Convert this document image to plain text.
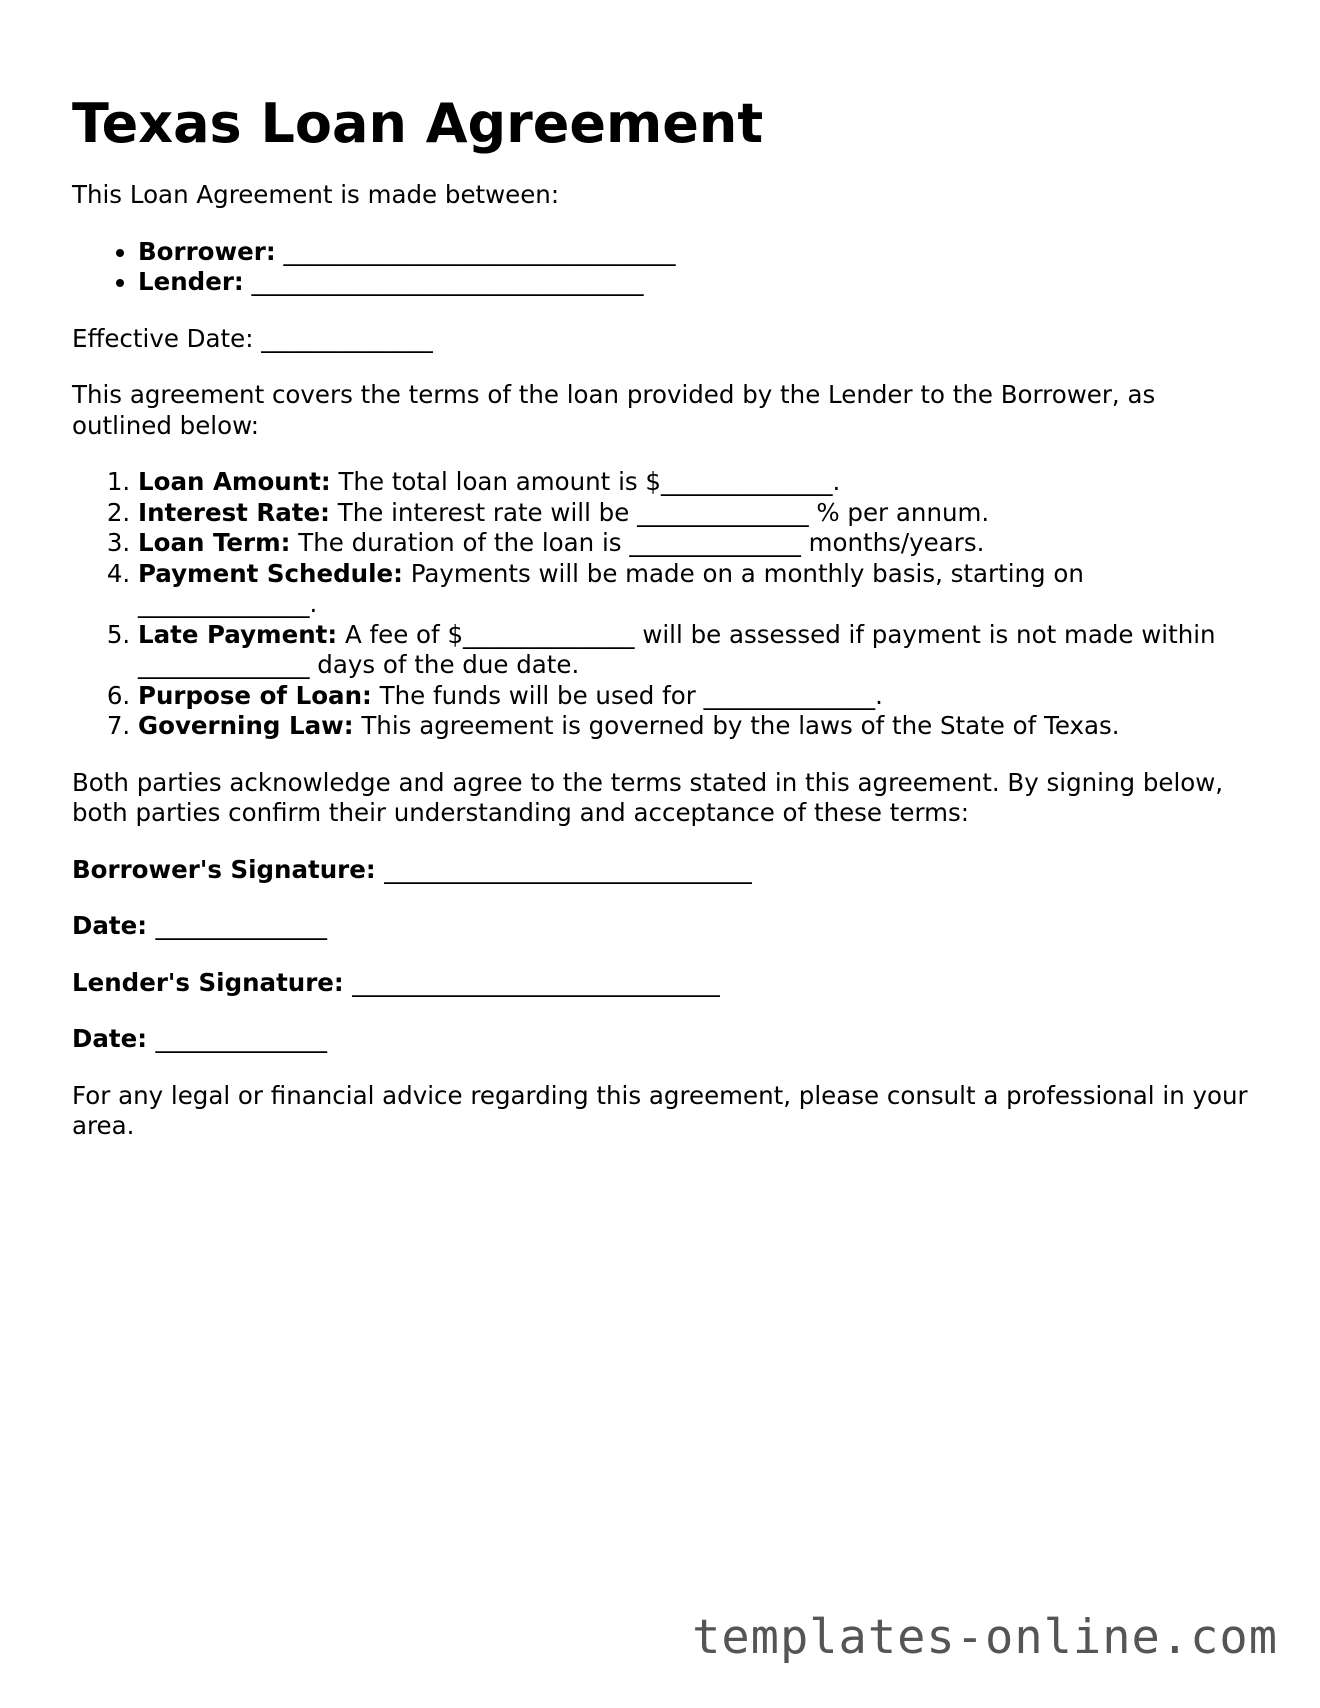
Texas Loan Agreement

This Loan Agreement is made between:

• Borrower: ________________________________
• Lender: ________________________________

Effective Date: ______________

This agreement covers the terms of the loan provided by the Lender to the Borrower, as outlined below:

1. Loan Amount: The total loan amount is $______________.
2. Interest Rate: The interest rate will be ______________ % per annum.
3. Loan Term: The duration of the loan is ______________ months/years.
4. Payment Schedule: Payments will be made on a monthly basis, starting on ______________.
5. Late Payment: A fee of $______________ will be assessed if payment is not made within ______________ days of the due date.
6. Purpose of Loan: The funds will be used for ______________.
7. Governing Law: This agreement is governed by the laws of the State of Texas.

Both parties acknowledge and agree to the terms stated in this agreement. By signing below, both parties confirm their understanding and acceptance of these terms:

Borrower's Signature: ______________________________

Date: ______________

Lender's Signature: ______________________________

Date: ______________

For any legal or financial advice regarding this agreement, please consult a professional in your area.

templates-online.com
